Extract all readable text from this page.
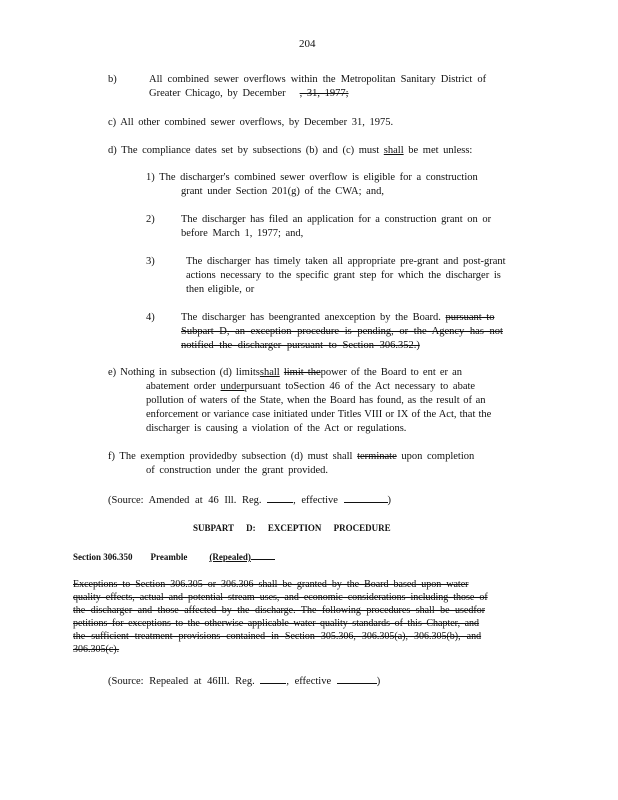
204
b)	All combined sewer overflows within the Metropolitan Sanitary District of
Greater Chicago, by December , 31, 1977;
c) All other combined sewer overflows, by December 31, 1975.
d) The compliance dates set by subsections (b) and (c) must shall be met unless:
1) The discharger's combined sewer overflow is eligible for a construction
grant under Section 201(g) of the CWA; and,
2)	The discharger has filed an application for a construction grant on or
before March 1, 1977; and,
3)	The discharger has timely taken all appropriate pre-grant and post-grant
actions necessary to the specific grant step for which the discharger is
then eligible, or
4)	The discharger has beengranted anexception by the Board. pursuant to
Subpart D, an exception procedure is pending, or the Agency has not
notified the discharger pursuant to Section 306.352.)
e) Nothing in subsection (d) limitsshall limit thepower of the Board to ent er an
abatement order underpursuant toSection 46 of the Act necessary to abate
pollution of waters of the State, when the Board has found, as the result of an
enforcement or variance case initiated under Titles VIII or IX of the Act, that the
discharger is causing a violation of the Act or regulations.
f) The exemption providedby subsection (d) must shall terminate upon completion
of construction under the grant provided.
(Source: Amended at 46 Ill. Reg.	, effective	)
SUBPART D: EXCEPTION PROCEDURE
Section 306.350 Preamble (Repealed)
Exceptions to Section 306.305 or 306.306 shall be granted by the Board based upon water
quality effects, actual and potential stream uses, and economic considerations including those of
the discharger and those affected by the discharge. The following procedures shall be usedfor
petitions for exceptions to the otherwise applicable water quality standards of this Chapter, and
the sufficient treatment provisions contained in Section 305.306, 306.305(a), 306.305(b), and
306.305(c).
(Source: Repealed at 46Ill. Reg.	, effective	)
